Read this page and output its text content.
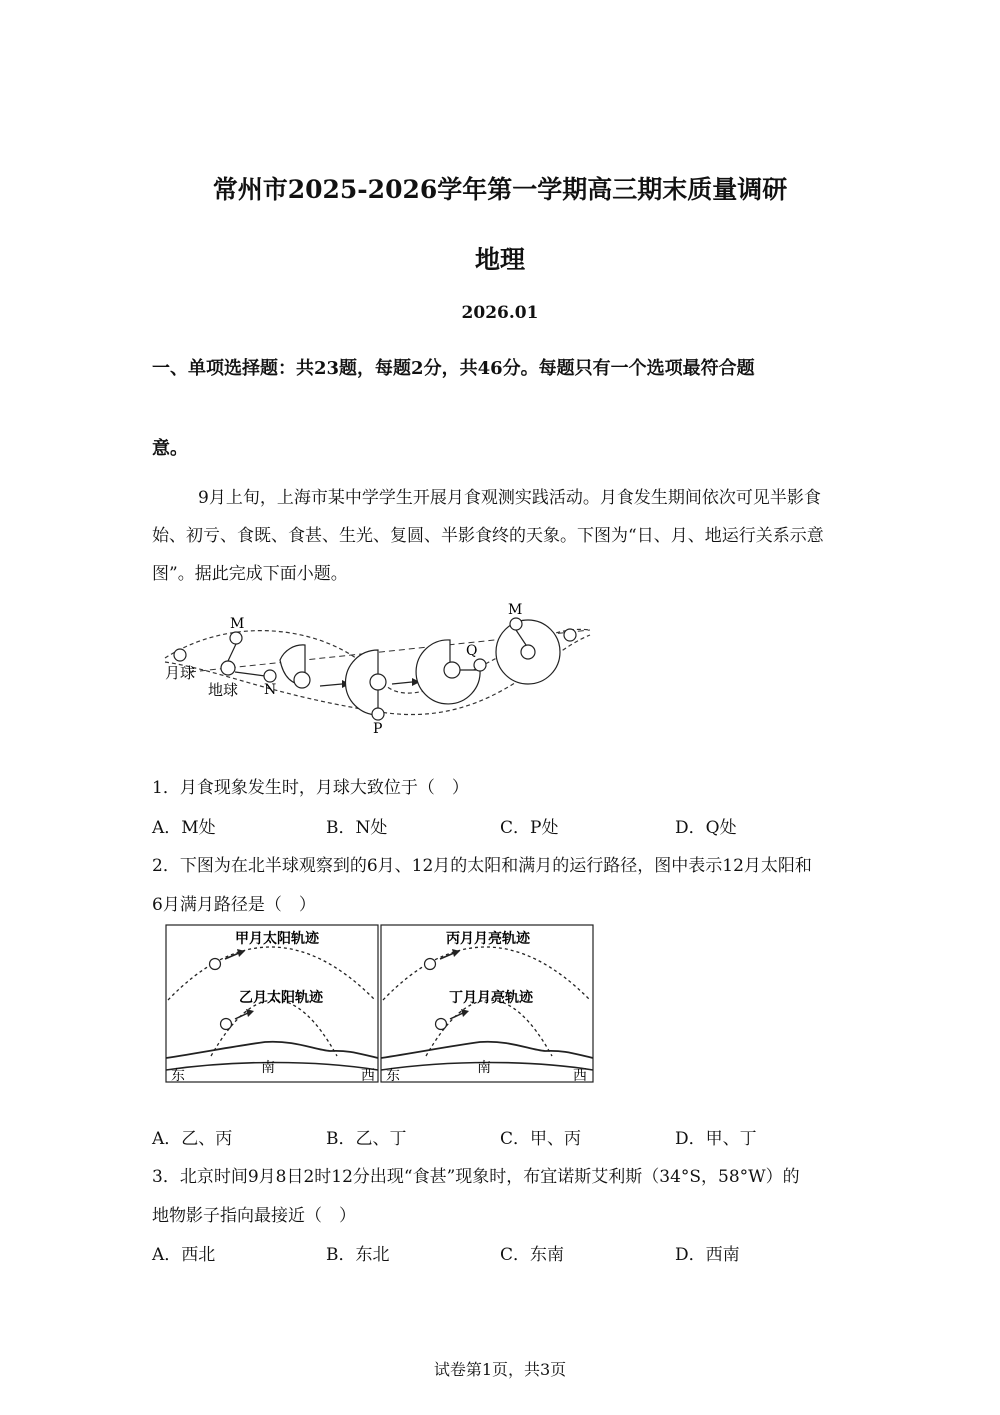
常州市2025-2026学年第一学期高三期末质量调研
地理
2026.01
一、单项选择题：共23题，每题2分，共46分。每题只有一个选项最符合题
意。
9月上旬，上海市某中学学生开展月食观测实践活动。月食发生期间依次可见半影食始、初亏、食既、食甚、生光、复圆、半影食终的天象。下图为“日、月、地运行关系示意图”。据此完成下面小题。
月球
地球
M
N
P
Q
M
1．月食现象发生时，月球大致位于（　）
A．M处	B．N处	C．P处	D．Q处
2．下图为在北半球观察到的6月、12月的太阳和满月的运行路径，图中表示12月太阳和
6月满月路径是（　）
甲月太阳轨迹
乙月太阳轨迹
东	南	西
丙月月亮轨迹
丁月月亮轨迹
东	南	西
A．乙、丙	B．乙、丁	C．甲、丙	D．甲、丁
3．北京时间9月8日2时12分出现“食甚”现象时，布宜诺斯艾利斯（34°S，58°W）的
地物影子指向最接近（　）
A．西北	B．东北	C．东南	D．西南
试卷第1页，共3页
